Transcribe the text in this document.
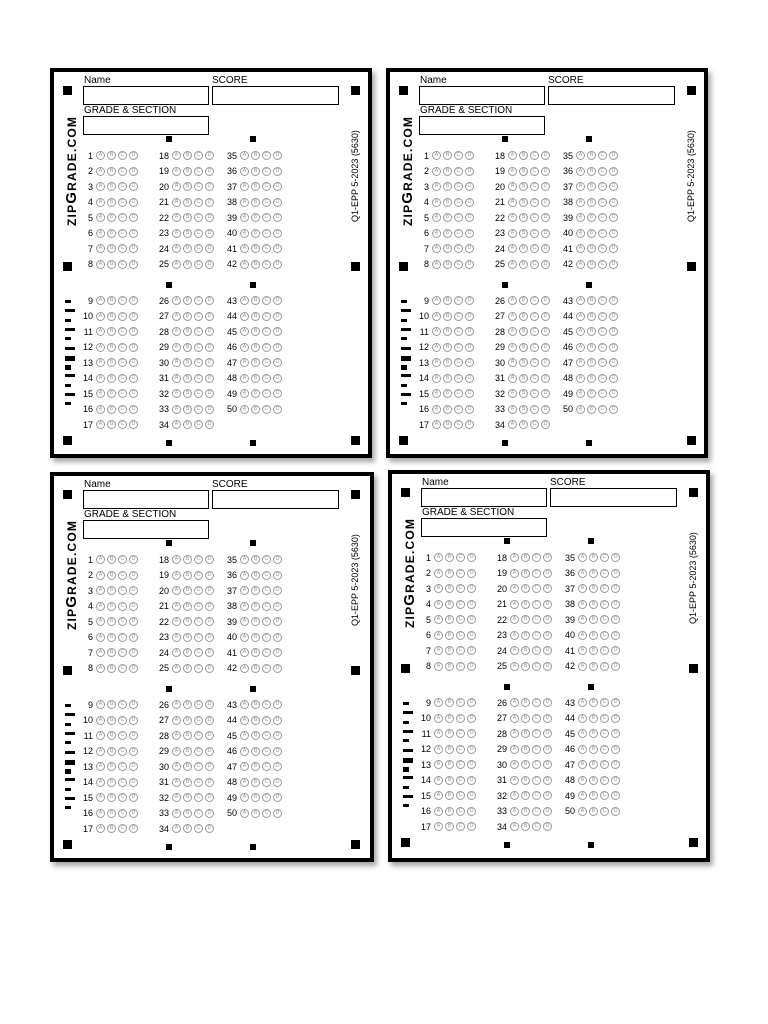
Name	SCORE
GRADE & SECTION
ZIPGRADE.COM	Q1-EPP 5-2023 (5630)
1	A	B	C	D
2	A	B	C	D
3	A	B	C	D
4	A	B	C	D
5	A	B	C	D
6	A	B	C	D
7	A	B	C	D
8	A	B	C	D
18	A	B	C	D
19	A	B	C	D
20	A	B	C	D
21	A	B	C	D
22	A	B	C	D
23	A	B	C	D
24	A	B	C	D
25	A	B	C	D
35	A	B	C	D
36	A	B	C	D
37	A	B	C	D
38	A	B	C	D
39	A	B	C	D
40	A	B	C	D
41	A	B	C	D
42	A	B	C	D
9	A	B	C	D
10	A	B	C	D
11	A	B	C	D
12	A	B	C	D
13	A	B	C	D
14	A	B	C	D
15	A	B	C	D
16	A	B	C	D
17	A	B	C	D
26	A	B	C	D
27	A	B	C	D
28	A	B	C	D
29	A	B	C	D
30	A	B	C	D
31	A	B	C	D
32	A	B	C	D
33	A	B	C	D
34	A	B	C	D
43	A	B	C	D
44	A	B	C	D
45	A	B	C	D
46	A	B	C	D
47	A	B	C	D
48	A	B	C	D
49	A	B	C	D
50	A	B	C	D
Name	SCORE
GRADE & SECTION
ZIPGRADE.COM	Q1-EPP 5-2023 (5630)
1	A	B	C	D
2	A	B	C	D
3	A	B	C	D
4	A	B	C	D
5	A	B	C	D
6	A	B	C	D
7	A	B	C	D
8	A	B	C	D
18	A	B	C	D
19	A	B	C	D
20	A	B	C	D
21	A	B	C	D
22	A	B	C	D
23	A	B	C	D
24	A	B	C	D
25	A	B	C	D
35	A	B	C	D
36	A	B	C	D
37	A	B	C	D
38	A	B	C	D
39	A	B	C	D
40	A	B	C	D
41	A	B	C	D
42	A	B	C	D
9	A	B	C	D
10	A	B	C	D
11	A	B	C	D
12	A	B	C	D
13	A	B	C	D
14	A	B	C	D
15	A	B	C	D
16	A	B	C	D
17	A	B	C	D
26	A	B	C	D
27	A	B	C	D
28	A	B	C	D
29	A	B	C	D
30	A	B	C	D
31	A	B	C	D
32	A	B	C	D
33	A	B	C	D
34	A	B	C	D
43	A	B	C	D
44	A	B	C	D
45	A	B	C	D
46	A	B	C	D
47	A	B	C	D
48	A	B	C	D
49	A	B	C	D
50	A	B	C	D
Name	SCORE
GRADE & SECTION
ZIPGRADE.COM	Q1-EPP 5-2023 (5630)
1	A	B	C	D
2	A	B	C	D
3	A	B	C	D
4	A	B	C	D
5	A	B	C	D
6	A	B	C	D
7	A	B	C	D
8	A	B	C	D
18	A	B	C	D
19	A	B	C	D
20	A	B	C	D
21	A	B	C	D
22	A	B	C	D
23	A	B	C	D
24	A	B	C	D
25	A	B	C	D
35	A	B	C	D
36	A	B	C	D
37	A	B	C	D
38	A	B	C	D
39	A	B	C	D
40	A	B	C	D
41	A	B	C	D
42	A	B	C	D
9	A	B	C	D
10	A	B	C	D
11	A	B	C	D
12	A	B	C	D
13	A	B	C	D
14	A	B	C	D
15	A	B	C	D
16	A	B	C	D
17	A	B	C	D
26	A	B	C	D
27	A	B	C	D
28	A	B	C	D
29	A	B	C	D
30	A	B	C	D
31	A	B	C	D
32	A	B	C	D
33	A	B	C	D
34	A	B	C	D
43	A	B	C	D
44	A	B	C	D
45	A	B	C	D
46	A	B	C	D
47	A	B	C	D
48	A	B	C	D
49	A	B	C	D
50	A	B	C	D
Name	SCORE
GRADE & SECTION
ZIPGRADE.COM	Q1-EPP 5-2023 (5630)
1	A	B	C	D
2	A	B	C	D
3	A	B	C	D
4	A	B	C	D
5	A	B	C	D
6	A	B	C	D
7	A	B	C	D
8	A	B	C	D
18	A	B	C	D
19	A	B	C	D
20	A	B	C	D
21	A	B	C	D
22	A	B	C	D
23	A	B	C	D
24	A	B	C	D
25	A	B	C	D
35	A	B	C	D
36	A	B	C	D
37	A	B	C	D
38	A	B	C	D
39	A	B	C	D
40	A	B	C	D
41	A	B	C	D
42	A	B	C	D
9	A	B	C	D
10	A	B	C	D
11	A	B	C	D
12	A	B	C	D
13	A	B	C	D
14	A	B	C	D
15	A	B	C	D
16	A	B	C	D
17	A	B	C	D
26	A	B	C	D
27	A	B	C	D
28	A	B	C	D
29	A	B	C	D
30	A	B	C	D
31	A	B	C	D
32	A	B	C	D
33	A	B	C	D
34	A	B	C	D
43	A	B	C	D
44	A	B	C	D
45	A	B	C	D
46	A	B	C	D
47	A	B	C	D
48	A	B	C	D
49	A	B	C	D
50	A	B	C	D
